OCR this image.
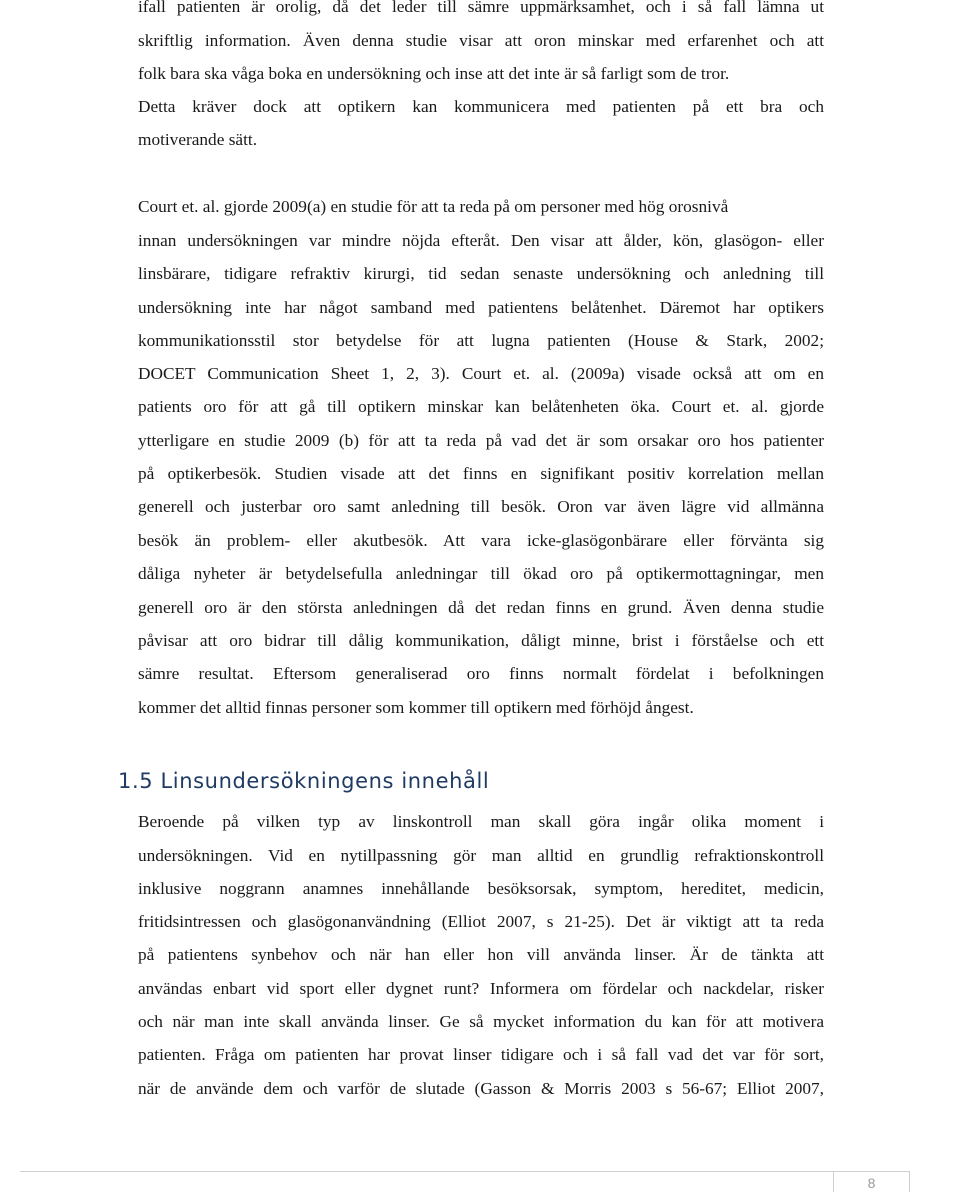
ifall patienten är orolig, då det leder till sämre uppmärksamhet, och i så fall lämna ut
skriftlig information. Även denna studie visar att oron minskar med erfarenhet och att
folk bara ska våga boka en undersökning och inse att det inte är så farligt som de tror.
Detta kräver dock att optikern kan kommunicera med patienten på ett bra och
motiverande sätt.
Court et. al. gjorde 2009(a) en studie för att ta reda på om personer med hög orosnivå
innan undersökningen var mindre nöjda efteråt. Den visar att ålder, kön, glasögon- eller
linsbärare, tidigare refraktiv kirurgi, tid sedan senaste undersökning och anledning till
undersökning inte har något samband med patientens belåtenhet. Däremot har optikers
kommunikationsstil stor betydelse för att lugna patienten (House & Stark, 2002;
DOCET Communication Sheet 1, 2, 3). Court et. al. (2009a) visade också att om en
patients oro för att gå till optikern minskar kan belåtenheten öka. Court et. al. gjorde
ytterligare en studie 2009 (b) för att ta reda på vad det är som orsakar oro hos patienter
på optikerbesök. Studien visade att det finns en signifikant positiv korrelation mellan
generell och justerbar oro samt anledning till besök. Oron var även lägre vid allmänna
besök än problem- eller akutbesök. Att vara icke-glasögonbärare eller förvänta sig
dåliga nyheter är betydelsefulla anledningar till ökad oro på optikermottagningar, men
generell oro är den största anledningen då det redan finns en grund. Även denna studie
påvisar att oro bidrar till dålig kommunikation, dåligt minne, brist i förståelse och ett
sämre resultat. Eftersom generaliserad oro finns normalt fördelat i befolkningen
kommer det alltid finnas personer som kommer till optikern med förhöjd ångest.
1.5 Linsundersökningens innehåll
Beroende på vilken typ av linskontroll man skall göra ingår olika moment i
undersökningen. Vid en nytillpassning gör man alltid en grundlig refraktionskontroll
inklusive noggrann anamnes innehållande besöksorsak, symptom, hereditet, medicin,
fritidsintressen och glasögonanvändning (Elliot 2007, s 21-25). Det är viktigt att ta reda
på patientens synbehov och när han eller hon vill använda linser. Är de tänkta att
användas enbart vid sport eller dygnet runt? Informera om fördelar och nackdelar, risker
och när man inte skall använda linser. Ge så mycket information du kan för att motivera
patienten. Fråga om patienten har provat linser tidigare och i så fall vad det var för sort,
när de använde dem och varför de slutade (Gasson & Morris 2003 s 56-67; Elliot 2007,
8
